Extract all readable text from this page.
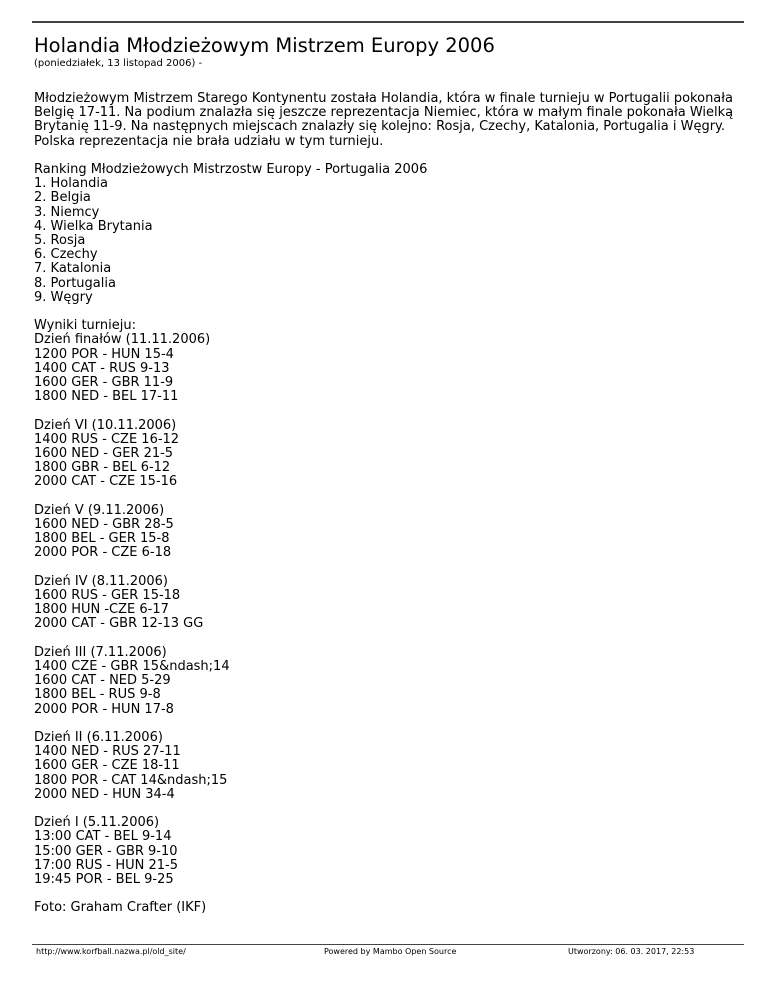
Holandia Młodzieżowym Mistrzem Europy 2006
(poniedziałek, 13 listopad 2006) -

Młodzieżowym Mistrzem Starego Kontynentu została Holandia, która w finale turnieju w Portugalii pokonała Belgię 17-11. Na podium znalazła się jeszcze reprezentacja Niemiec, która w małym finale pokonała Wielką Brytanię 11-9. Na następnych miejscach znalazły się kolejno: Rosja, Czechy, Katalonia, Portugalia i Węgry. Polska reprezentacja nie brała udziału w tym turnieju.

Ranking Młodzieżowych Mistrzostw Europy - Portugalia 2006
1. Holandia
2. Belgia
3. Niemcy
4. Wielka Brytania
5. Rosja
6. Czechy
7. Katalonia
8. Portugalia
9. Węgry
Wyniki turnieju:
Dzień finałów (11.11.2006)
1200 POR - HUN 15-4
1400 CAT - RUS 9-13
1600 GER - GBR 11-9
1800 NED - BEL 17-11
Dzień VI (10.11.2006)
1400 RUS - CZE 16-12
1600 NED - GER 21-5
1800 GBR - BEL 6-12
2000 CAT - CZE 15-16
Dzień V (9.11.2006)
1600 NED - GBR 28-5
1800 BEL - GER 15-8
2000 POR - CZE 6-18
Dzień IV (8.11.2006)
1600 RUS - GER 15-18
1800 HUN -CZE 6-17
2000 CAT - GBR 12-13 GG
Dzień III (7.11.2006)
1400 CZE - GBR 15&ndash;14
1600 CAT - NED 5-29
1800 BEL - RUS 9-8
2000 POR - HUN 17-8
Dzień II (6.11.2006)
1400 NED - RUS 27-11
1600 GER - CZE 18-11
1800 POR - CAT 14&ndash;15
2000 NED - HUN 34-4
Dzień I (5.11.2006)
13:00 CAT - BEL 9-14
15:00 GER - GBR 9-10
17:00 RUS - HUN 21-5
19:45 POR - BEL 9-25
Foto: Graham Crafter (IKF)
http://www.korfball.nazwa.pl/old_site/	Powered by Mambo Open Source	Utworzony: 06. 03. 2017, 22:53
